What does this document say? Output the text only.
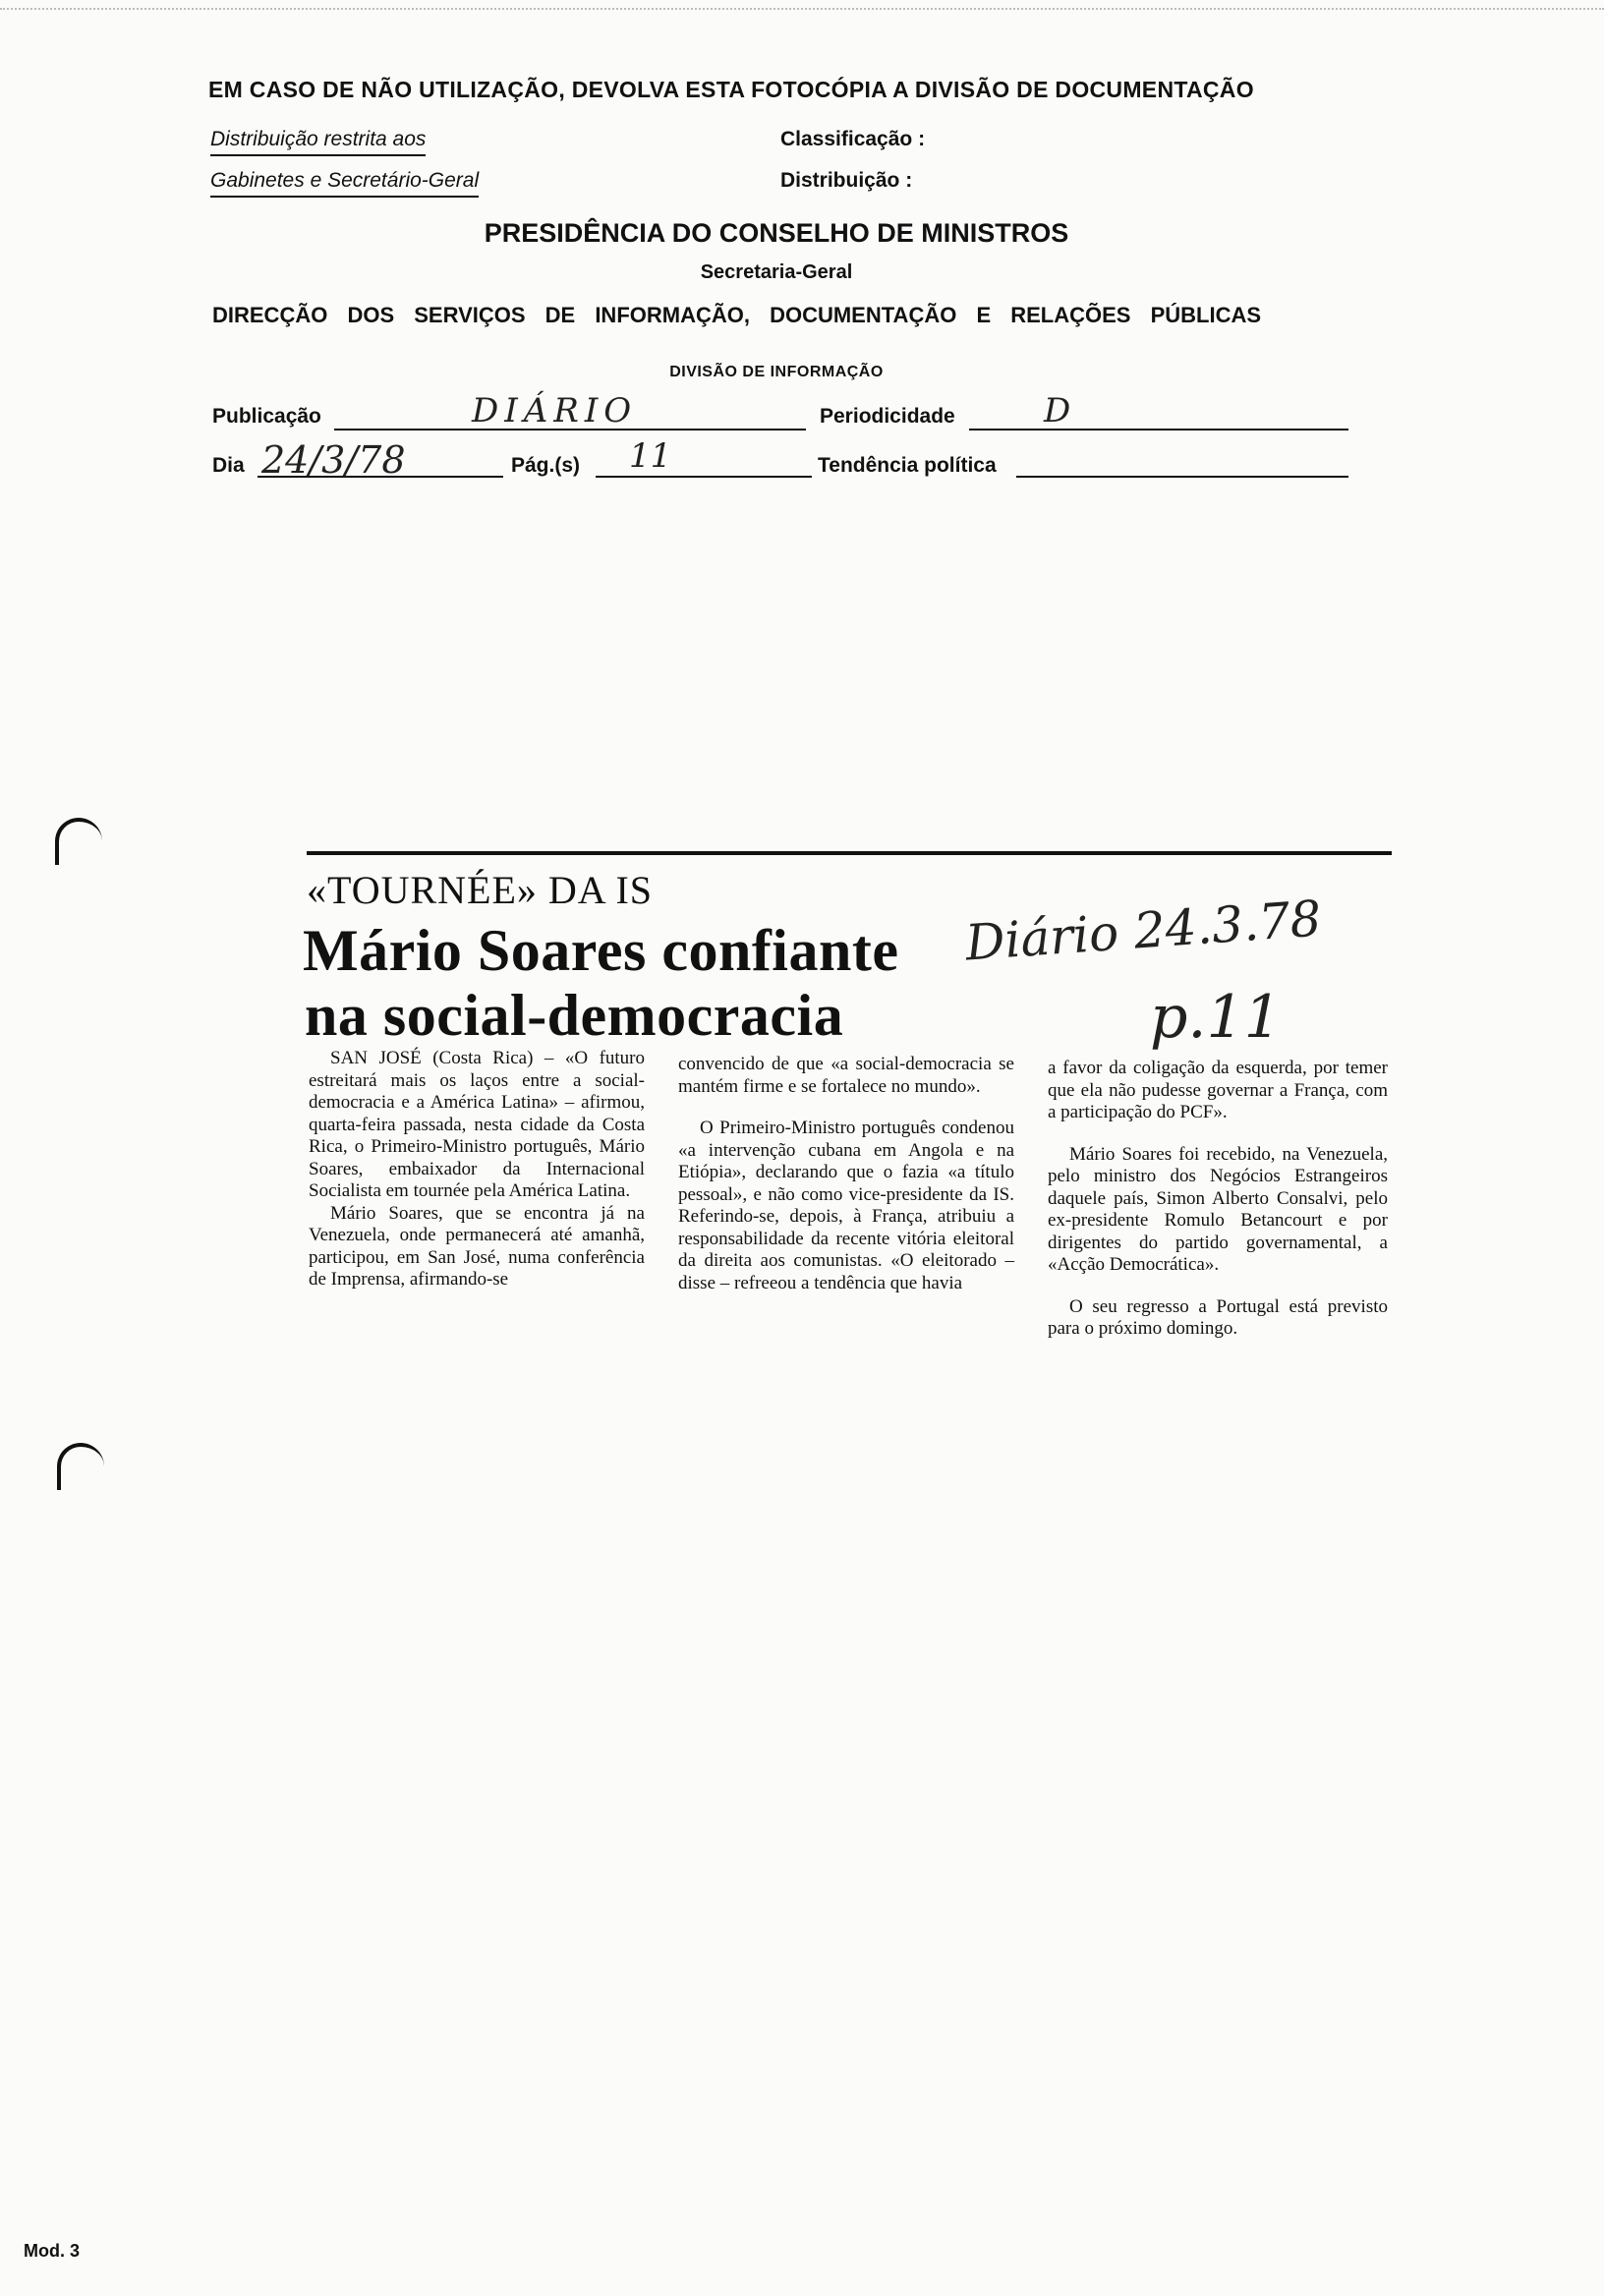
EM CASO DE NÃO UTILIZAÇÃO, DEVOLVA ESTA FOTOCÓPIA A DIVISÃO DE DOCUMENTAÇÃO
Distribuição restrita aos
Gabinetes e Secretário-Geral
Classificação :
Distribuição :
PRESIDÊNCIA DO CONSELHO DE MINISTROS
Secretaria-Geral
DIRECÇÃO DOS SERVIÇOS DE INFORMAÇÃO, DOCUMENTAÇÃO E RELAÇÕES PÚBLICAS
DIVISÃO DE INFORMAÇÃO
Publicação	DIÁRIO	Periodicidade	D
Dia 24/3/78	Pág.(s) 11	Tendência política
«TOURNÉE» DA IS
Mário Soares confiante
na social-democracia
Diário 24.3.78
p.11

SAN JOSÉ (Costa Rica) – «O futuro estreitará mais os laços entre a social-democracia e a América Latina» – afirmou, quarta-feira passada, nesta cidade da Costa Rica, o Primeiro-Ministro português, Mário Soares, embaixador da Internacional Socialista em tournée pela América Latina.

Mário Soares, que se encontra já na Venezuela, onde permanecerá até amanhã, participou, em San José, numa conferência de Imprensa, afirmando-se

convencido de que «a social-democracia se mantém firme e se fortalece no mundo».

O Primeiro-Ministro português condenou «a intervenção cubana em Angola e na Etiópia», declarando que o fazia «a título pessoal», e não como vice-presidente da IS. Referindo-se, depois, à França, atribuiu a responsabilidade da recente vitória eleitoral da direita aos comunistas. «O eleitorado – disse – refreeou a tendência que havia

a favor da coligação da esquerda, por temer que ela não pudesse governar a França, com a participação do PCF».

Mário Soares foi recebido, na Venezuela, pelo ministro dos Negócios Estrangeiros daquele país, Simon Alberto Consalvi, pelo ex-presidente Romulo Betancourt e por dirigentes do partido governamental, a «Acção Democrática».

O seu regresso a Portugal está previsto para o próximo domingo.

Mod. 3
